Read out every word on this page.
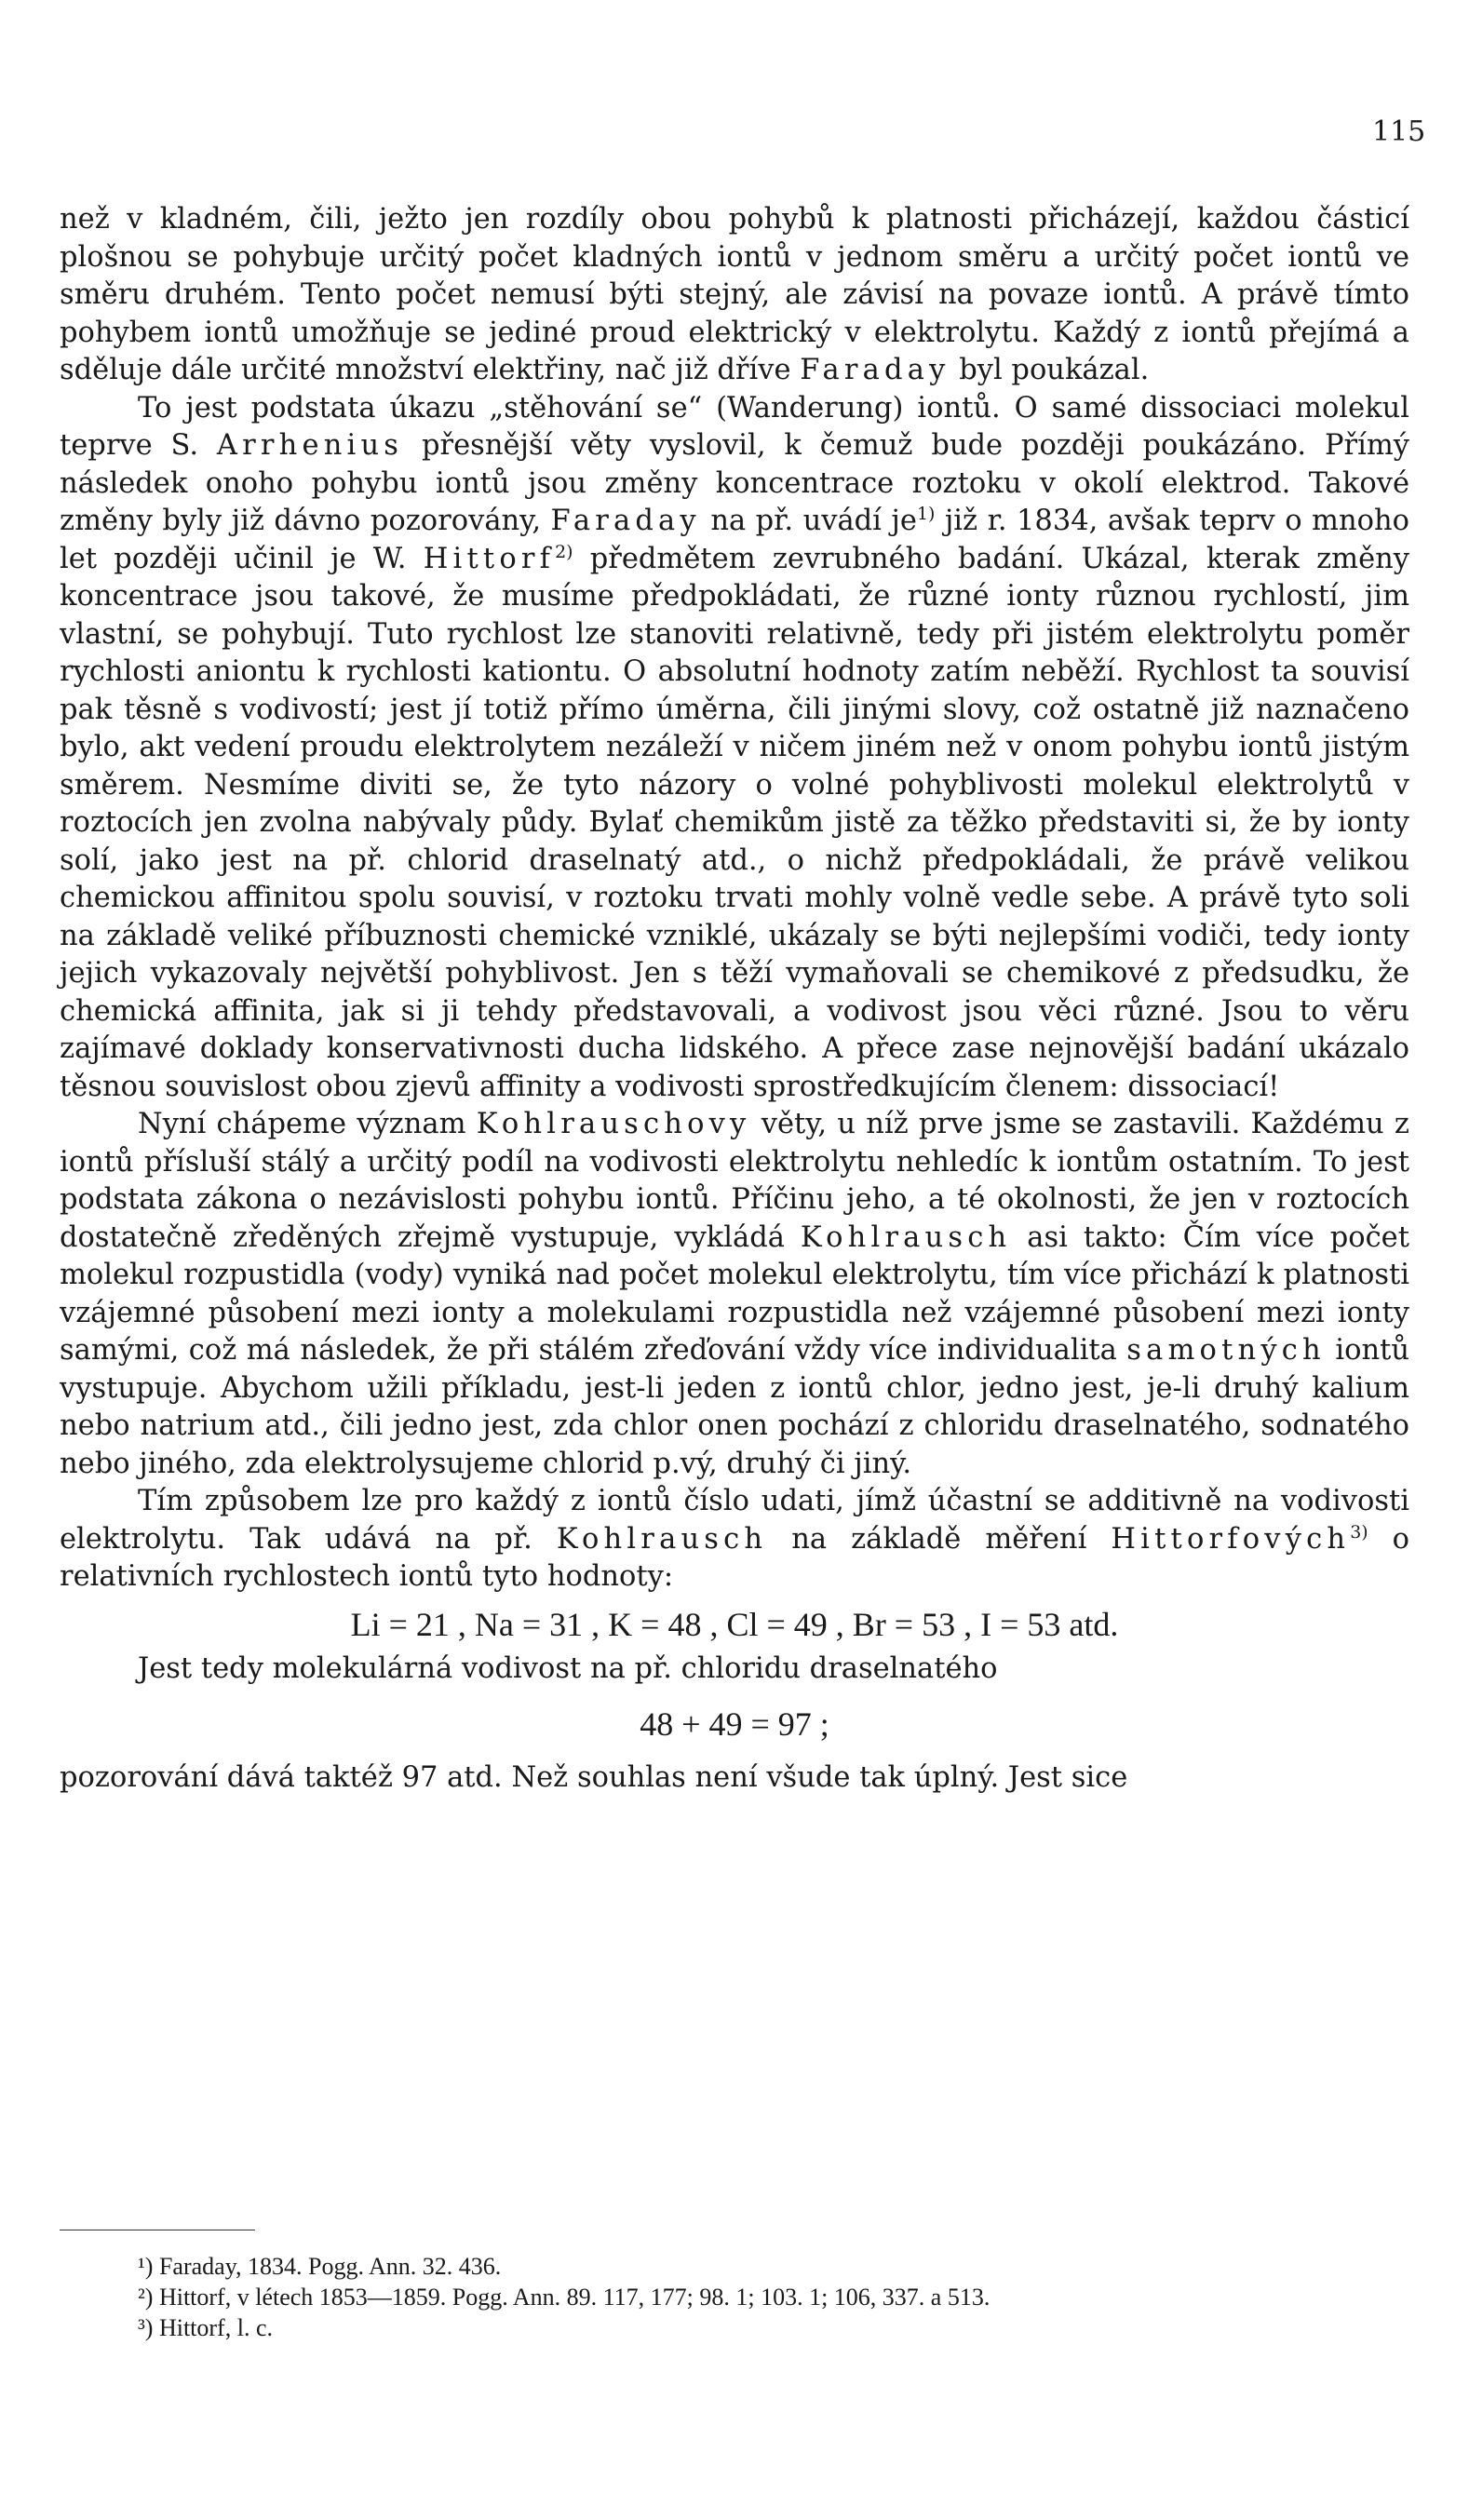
115

než v kladném, čili, ježto jen rozdíly obou pohybů k platnosti přicházejí, každou částicí plošnou se pohybuje určitý počet kladných iontů v jednom směru a určitý počet iontů ve směru druhém. Tento počet nemusí býti stejný, ale závisí na povaze iontů. A právě tímto pohybem iontů umožňuje se jediné proud elektrický v elektrolytu. Každý z iontů přejímá a sděluje dále určité množství elektřiny, nač již dříve Faraday byl poukázal.

To jest podstata úkazu „stěhování se“ (Wanderung) iontů. O samé dissociaci molekul teprve S. Arrhenius přesnější věty vyslovil, k čemuž bude později poukázáno. Přímý následek onoho pohybu iontů jsou změny koncentrace roztoku v okolí elektrod. Takové změny byly již dávno pozorovány, Faraday na př. uvádí $je^{1)}$ již r. 1834, avšak teprv o mnoho let později učinil je W. Hittorf$^{2)}$ předmětem zevrubného badání. Ukázal, kterak změny koncentrace jsou takové, že musíme předpokládati, že různé ionty různou rychlostí, jim vlastní, se pohybují. Tuto rychlost lze stanoviti relativně, tedy při jistém elektrolytu poměr rychlosti aniontu k rychlosti kationtu. O absolutní hodnoty zatím neběží. Rychlost ta souvisí pak těsně s vodivostí; jest jí totiž přímo úměrna, čili jinými slovy, což ostatně již naznačeno bylo, akt vedení proudu elektrolytem nezáleží v ničem jiném než v onom pohybu iontů jistým směrem. Nesmíme diviti se, že tyto názory o volné pohyblivosti molekul elektrolytů v roztocích jen zvolna nabývaly půdy. Bylať chemikům jistě za těžko představiti si, že by ionty solí, jako jest na př. chlorid draselnatý atd., o nichž předpokládali, že právě velikou chemickou affinitou spolu souvisí, v roztoku trvati mohly volně vedle sebe. A právě tyto soli na základě veliké příbuznosti chemické vzniklé, ukázaly se býti nejlepšími vodiči, tedy ionty jejich vykazovaly největší pohyblivost. Jen s těží vymaňovali se chemikové z předsudku, že chemická affinita, jak si ji tehdy představovali, a vodivost jsou věci různé. Jsou to věru zajímavé doklady konservativnosti ducha lidského. A přece zase nejnovější badání ukázalo těsnou souvislost obou zjevů affinity a vodivosti sprostředkujícím členem: dissociací!

Nyní chápeme význam Kohlrauschovy věty, u níž prve jsme se zastavili. Každému z iontů přísluší stálý a určitý podíl na vodivosti elektrolytu nehledíc k iontům ostatním. To jest podstata zákona o nezávislosti pohybu iontů. Příčinu jeho, a té okolnosti, že jen v roztocích dostatečně zředěných zřejmě vystupuje, vykládá Kohlrausch asi takto: Čím více počet molekul rozpustidla (vody) vyniká nad počet molekul elektrolytu, tím více přichází k platnosti vzájemné působení mezi ionty a molekulami rozpustidla než vzájemné působení mezi ionty samými, což má následek, že při stálém zřeďování vždy více individualita samotných iontů vystupuje. Abychom užili příkladu, jest-li jeden z iontů chlor, jedno jest, je-li druhý kalium nebo natrium atd., čili jedno jest, zda chlor onen pochází z chloridu draselnatého, sodnatého nebo jiného, zda elektrolysujeme chlorid p.vý, druhý či jiný.

Tím způsobem lze pro každý z iontů číslo udati, jímž účastní se additivně na vodivosti elektrolytu. Tak udává na př. Kohlrausch na základě měření Hittorfových$^{3)}$ o relativních rychlostech iontů tyto hodnoty:

Li = 21 , Na = 31 , K = 48 , Cl = 49 , Br = 53 , I = 53 atd.

Jest tedy molekulárná vodivost na př. chloridu draselnatého

48 + 49 = 97 ;

pozorování dává taktéž 97 atd. Než souhlas není všude tak úplný. Jest sice

¹) Faraday, 1834. Pogg. Ann. 32. 436.

²) Hittorf, v létech 1853—1859. Pogg. Ann. 89. 117, 177; 98. 1; 103. 1; 106, 337. a 513.

³) Hittorf, l. c.
